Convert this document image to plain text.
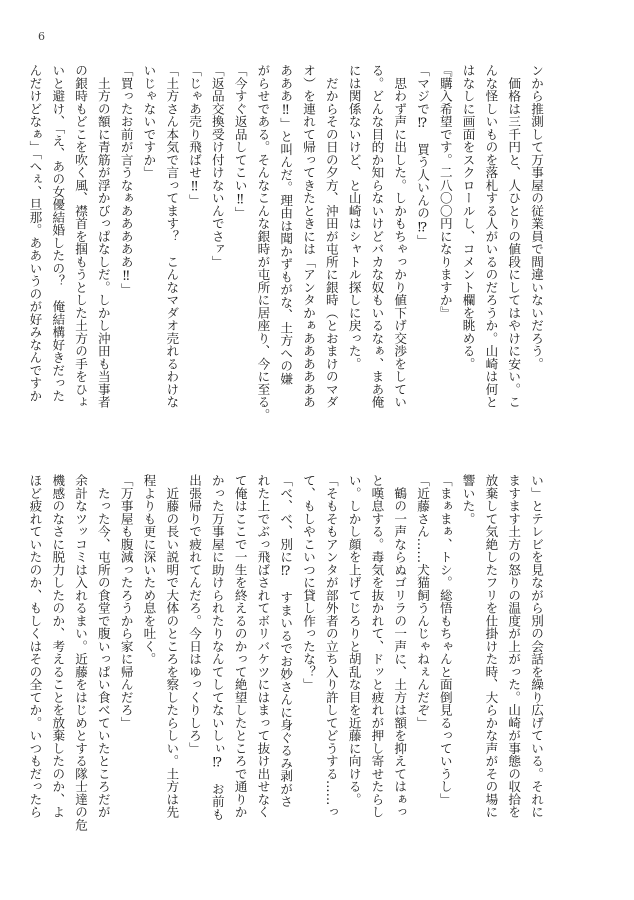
6
ンから推測して万事屋の従業員で間違いないだろう。
　価格は三千円と、人ひとりの値段にしてはやけに安い。こ
んな怪しいものを落札する人がいるのだろうか。山崎は何と
はなしに画面をスクロールし、コメント欄を眺める。
『購入希望です。二八〇〇円になりますか』
「マジで⁉　買う人いんの⁉」
　思わず声に出した。しかもちゃっかり値下げ交渉をしてい
る。どんな目的か知らないけどバカな奴もいるなぁ、まあ俺
には関係ないけど、と山崎はシャトル探しに戻った。
　だからその日の夕方、沖田が屯所に銀時（とおまけのマダ
オ）を連れて帰ってきたときには「アンタかぁああああああ
あああ‼」と叫んだ。理由は聞かずもがな、土方への嫌
がらせである。そんなこんな銀時が屯所に居座り、今に至る。
「今すぐ返品してこい‼」
「返品交換受け付けないんでさァ」
「じゃあ売り飛ばせ‼」
「土方さん本気で言ってます？　こんなマダオ売れるわけな
いじゃないですか」
「買ったお前が言うなぁあああああ‼」
　土方の額に青筋が浮かびっぱなしだ。しかし沖田も当事者
の銀時もどこを吹く風、襟首を掴もうとした土方の手をひょ
いと避け、「え、あの女優結婚したの？　俺結構好きだった
んだけどなぁ」「へぇ、旦那。ああいうのが好みなんですか
い」とテレビを見ながら別の会話を繰り広げている。それに
ますます土方の怒りの温度が上がった。山崎が事態の収拾を
放棄して気絶したフリを仕掛けた時、大らかな声がその場に
響いた。
「まぁまぁ、トシ。総悟もちゃんと面倒見るっていうし」
「近藤さん……犬猫飼うんじゃねぇんだぞ」
　鶴の一声ならぬゴリラの一声に、土方は額を抑えてはぁっ
と嘆息する。毒気を抜かれて、ドッと疲れが押し寄せたらし
い。しかし顔を上げてじろりと胡乱な目を近藤に向ける。
「そもそもアンタが部外者の立ち入り許してどうする……っ
て、もしやこいつに貸し作ったな？」
「べ、べ、別に⁉　すまいるでお妙さんに身ぐるみ剥がさ
れた上でぶっ飛ばされてボリバケツにはまって抜け出せなく
て俺はここで一生を終えるのかって絶望したところで通りか
かった万事屋に助けられたりなんてしてないしぃ⁉　お前も
出張帰りで疲れてんだろ。今日はゆっくりしろ」
　近藤の長い説明で大体のところを察したらしい。土方は先
程よりも更に深いため息を吐く。
「万事屋も腹減ったろうから家に帰んだろ」
　たった今、屯所の食堂で腹いっぱい食べていたところだが
余計なツッコミは入れるまい。近藤をはじめとする隊士達の危
機感のなさに脱力したのか、考えることを放棄したのか、よ
ほど疲れていたのか、もしくはその全てか。いつもだったら
